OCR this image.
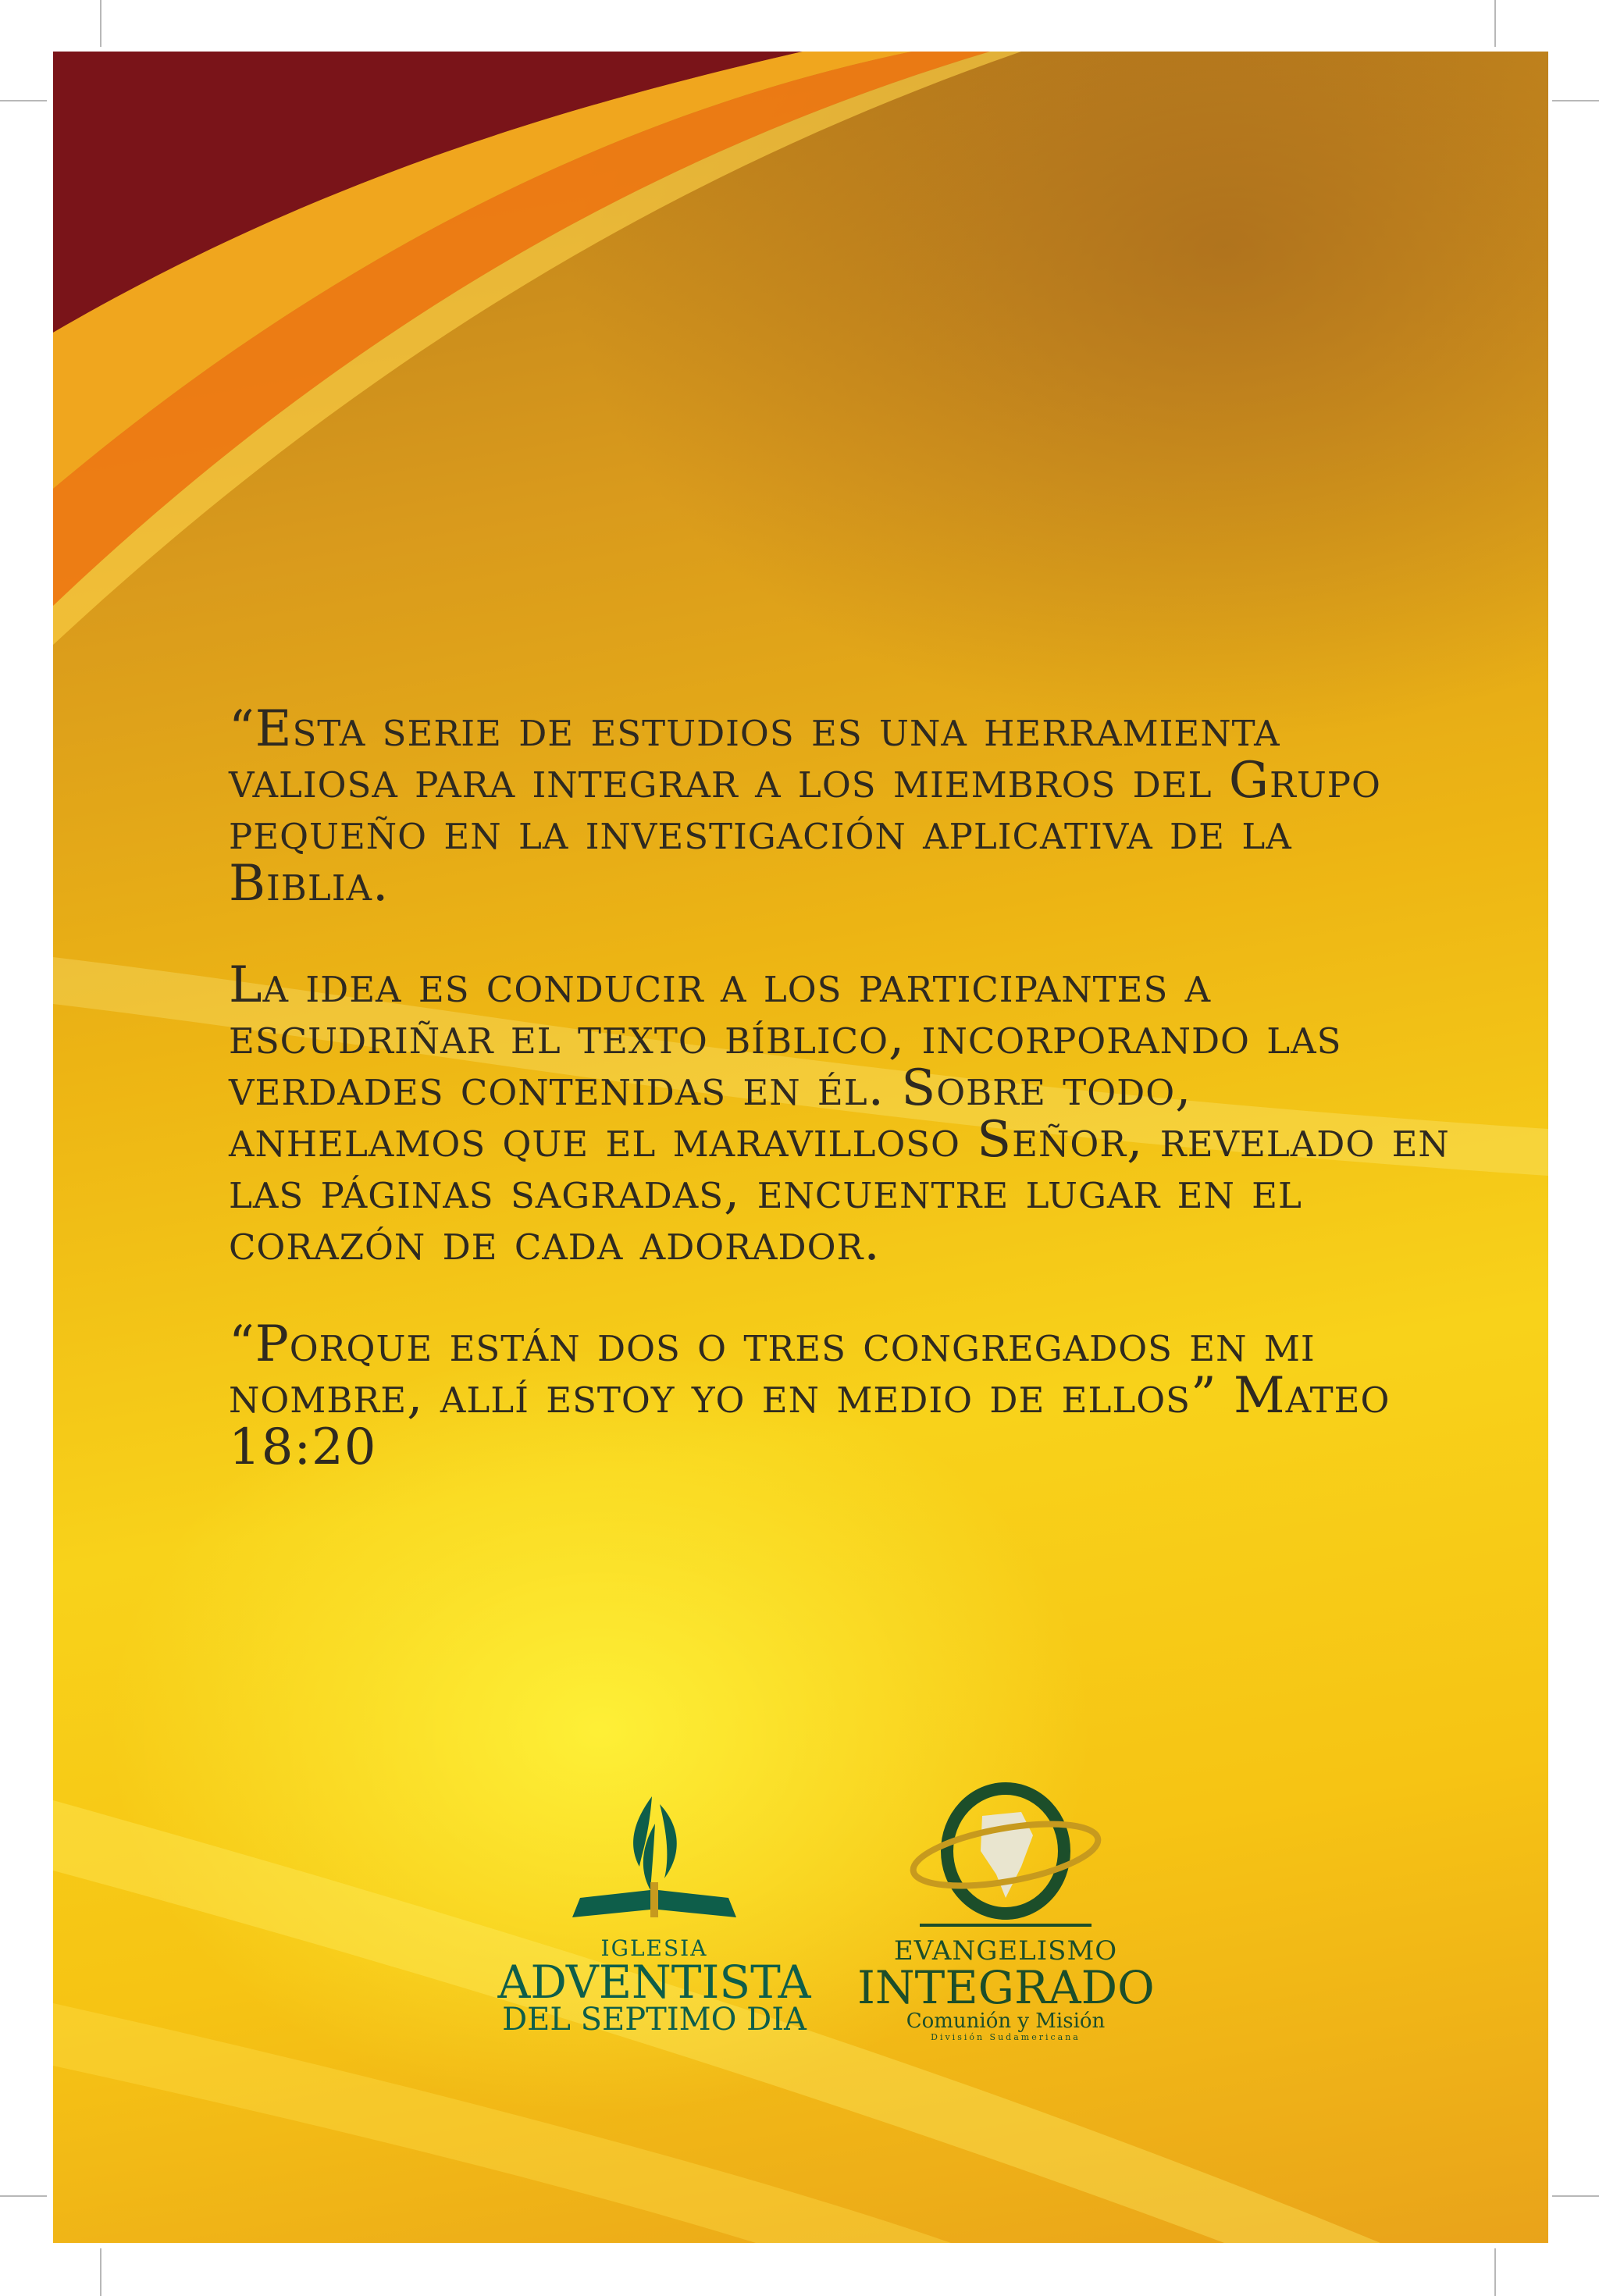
“Esta serie de estudios es una herramienta valiosa para integrar a los miembros del Grupo pequeño en la investigación aplicativa de la Biblia.

La idea es conducir a los participantes a escudriñar el texto bíblico, incorporando las verdades contenidas en él. Sobre todo, anhelamos que el maravilloso Señor, revelado en las páginas sagradas, encuentre lugar en el corazón de cada adorador.

“Porque están dos o tres congregados en mi nombre, allí estoy yo en medio de ellos” Mateo 18:20

IGLESIA
ADVENTISTA
DEL SEPTIMO DIA
EVANGELISMO
INTEGRADO
Comunión y Misión
División Sudamericana
